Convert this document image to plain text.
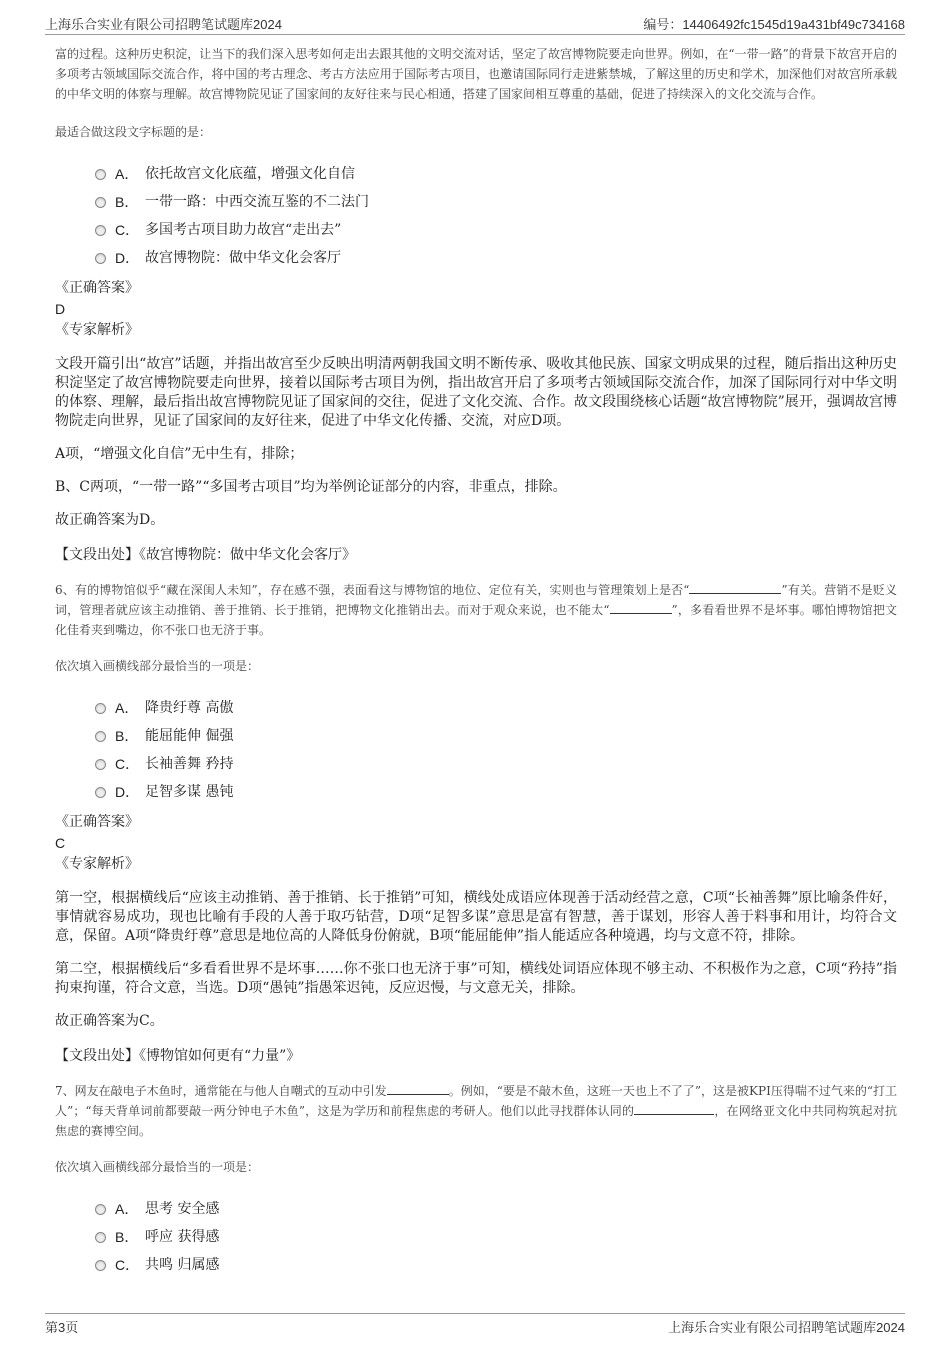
上海乐合实业有限公司招聘笔试题库2024	编号：14406492fc1545d19a431bf49c734168

富的过程。这种历史积淀，让当下的我们深入思考如何走出去跟其他的文明交流对话，坚定了故宫博物院要走向世界。例如，在“一带一路”的背景下故宫开启的多项考古领域国际交流合作，将中国的考古理念、考古方法应用于国际考古项目，也邀请国际同行走进紫禁城，了解这里的历史和学术，加深他们对故宫所承载的中华文明的体察与理解。故宫博物院见证了国家间的友好往来与民心相通，搭建了国家间相互尊重的基础，促进了持续深入的文化交流与合作。

最适合做这段文字标题的是：

A． 依托故宫文化底蕴，增强文化自信
B． 一带一路：中西交流互鉴的不二法门
C． 多国考古项目助力故宫“走出去”
D． 故宫博物院：做中华文化会客厅
《正确答案》
D
《专家解析》

文段开篇引出“故宫”话题，并指出故宫至少反映出明清两朝我国文明不断传承、吸收其他民族、国家文明成果的过程，随后指出这种历史积淀坚定了故宫博物院要走向世界，接着以国际考古项目为例，指出故宫开启了多项考古领域国际交流合作，加深了国际同行对中华文明的体察、理解，最后指出故宫博物院见证了国家间的交往，促进了文化交流、合作。故文段围绕核心话题“故宫博物院”展开，强调故宫博物院走向世界，见证了国家间的友好往来，促进了中华文化传播、交流，对应D项。

A项，“增强文化自信”无中生有，排除；

B、C两项，“一带一路”“多国考古项目”均为举例论证部分的内容，非重点，排除。

故正确答案为D。

【文段出处】《故宫博物院：做中华文化会客厅》

6、有的博物馆似乎“藏在深闺人未知”，存在感不强，表面看这与博物馆的地位、定位有关，实则也与管理策划上是否“	”有关。营销不是贬义词，管理者就应该主动推销、善于推销、长于推销，把博物文化推销出去。而对于观众来说，也不能太“	”，多看看世界不是坏事。哪怕博物馆把文化佳肴夹到嘴边，你不张口也无济于事。

依次填入画横线部分最恰当的一项是：

A． 降贵纡尊 高傲
B． 能屈能伸 倔强
C． 长袖善舞 矜持
D． 足智多谋 愚钝
《正确答案》
C
《专家解析》

第一空，根据横线后“应该主动推销、善于推销、长于推销”可知，横线处成语应体现善于活动经营之意，C项“长袖善舞”原比喻条件好，事情就容易成功，现也比喻有手段的人善于取巧钻营，D项“足智多谋”意思是富有智慧，善于谋划，形容人善于料事和用计，均符合文意，保留。A项“降贵纡尊”意思是地位高的人降低身份俯就，B项“能屈能伸”指人能适应各种境遇，均与文意不符，排除。

第二空，根据横线后“多看看世界不是坏事……你不张口也无济于事”可知，横线处词语应体现不够主动、不积极作为之意，C项“矜持”指拘束拘谨，符合文意，当选。D项“愚钝”指愚笨迟钝，反应迟慢，与文意无关，排除。

故正确答案为C。

【文段出处】《博物馆如何更有“力量”》

7、网友在敲电子木鱼时，通常能在与他人自嘲式的互动中引发	。例如，“要是不敲木鱼，这班一天也上不了了”，这是被KPI压得喘不过气来的“打工人”；“每天背单词前都要敲一两分钟电子木鱼”，这是为学历和前程焦虑的考研人。他们以此寻找群体认同的	，在网络亚文化中共同构筑起对抗焦虑的赛博空间。

依次填入画横线部分最恰当的一项是：

A． 思考 安全感
B． 呼应 获得感
C． 共鸣 归属感
第3页	上海乐合实业有限公司招聘笔试题库2024
